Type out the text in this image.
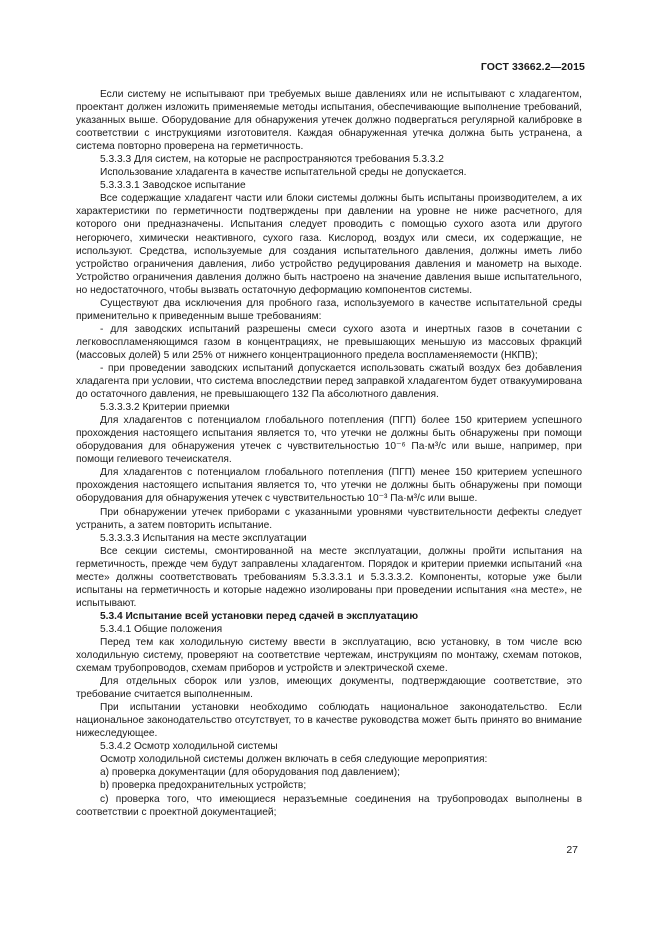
ГОСТ 33662.2—2015

Если систему не испытывают при требуемых выше давлениях или не испытывают с хладагентом, проектант должен изложить применяемые методы испытания, обеспечивающие выполнение требований, указанных выше. Оборудование для обнаружения утечек должно подвергаться регулярной калибровке в соответствии с инструкциями изготовителя. Каждая обнаруженная утечка должна быть устранена, а система повторно проверена на герметичность.

5.3.3.3 Для систем, на которые не распространяются требования 5.3.3.2

Использование хладагента в качестве испытательной среды не допускается.

5.3.3.3.1 Заводское испытание

Все содержащие хладагент части или блоки системы должны быть испытаны производителем, а их характеристики по герметичности подтверждены при давлении на уровне не ниже расчетного, для которого они предназначены. Испытания следует проводить с помощью сухого азота или другого негорючего, химически неактивного, сухого газа. Кислород, воздух или смеси, их содержащие, не используют. Средства, используемые для создания испытательного давления, должны иметь либо устройство ограничения давления, либо устройство редуцирования давления и манометр на выходе. Устройство ограничения давления должно быть настроено на значение давления выше испытательного, но недостаточного, чтобы вызвать остаточную деформацию компонентов системы.

Существуют два исключения для пробного газа, используемого в качестве испытательной среды применительно к приведенным выше требованиям:

- для заводских испытаний разрешены смеси сухого азота и инертных газов в сочетании с легковоспламеняющимся газом в концентрациях, не превышающих меньшую из массовых фракций (массовых долей) 5 или 25% от нижнего концентрационного предела воспламеняемости (НКПВ);

- при проведении заводских испытаний допускается использовать сжатый воздух без добавления хладагента при условии, что система впоследствии перед заправкой хладагентом будет отвакуумирована до остаточного давления, не превышающего 132 Па абсолютного давления.

5.3.3.3.2 Критерии приемки

Для хладагентов с потенциалом глобального потепления (ПГП) более 150 критерием успешного прохождения настоящего испытания является то, что утечки не должны быть обнаружены при помощи оборудования для обнаружения утечек с чувствительностью 10⁻⁶ Па·м³/с или выше, например, при помощи гелиевого течеискателя.

Для хладагентов с потенциалом глобального потепления (ПГП) менее 150 критерием успешного прохождения настоящего испытания является то, что утечки не должны быть обнаружены при помощи оборудования для обнаружения утечек с чувствительностью 10⁻³ Па·м³/с или выше.

При обнаружении утечек приборами с указанными уровнями чувствительности дефекты следует устранить, а затем повторить испытание.

5.3.3.3.3 Испытания на месте эксплуатации

Все секции системы, смонтированной на месте эксплуатации, должны пройти испытания на герметичность, прежде чем будут заправлены хладагентом. Порядок и критерии приемки испытаний «на месте» должны соответствовать требованиям 5.3.3.3.1 и 5.3.3.3.2. Компоненты, которые уже были испытаны на герметичность и которые надежно изолированы при проведении испытания «на месте», не испытывают.

5.3.4 Испытание всей установки перед сдачей в эксплуатацию

5.3.4.1 Общие положения

Перед тем как холодильную систему ввести в эксплуатацию, всю установку, в том числе всю холодильную систему, проверяют на соответствие чертежам, инструкциям по монтажу, схемам потоков, схемам трубопроводов, схемам приборов и устройств и электрической схеме.

Для отдельных сборок или узлов, имеющих документы, подтверждающие соответствие, это требование считается выполненным.

При испытании установки необходимо соблюдать национальное законодательство. Если национальное законодательство отсутствует, то в качестве руководства может быть принято во внимание нижеследующее.

5.3.4.2 Осмотр холодильной системы

Осмотр холодильной системы должен включать в себя следующие мероприятия:

a) проверка документации (для оборудования под давлением);

b) проверка предохранительных устройств;

c) проверка того, что имеющиеся неразъемные соединения на трубопроводах выполнены в соответствии с проектной документацией;

27
